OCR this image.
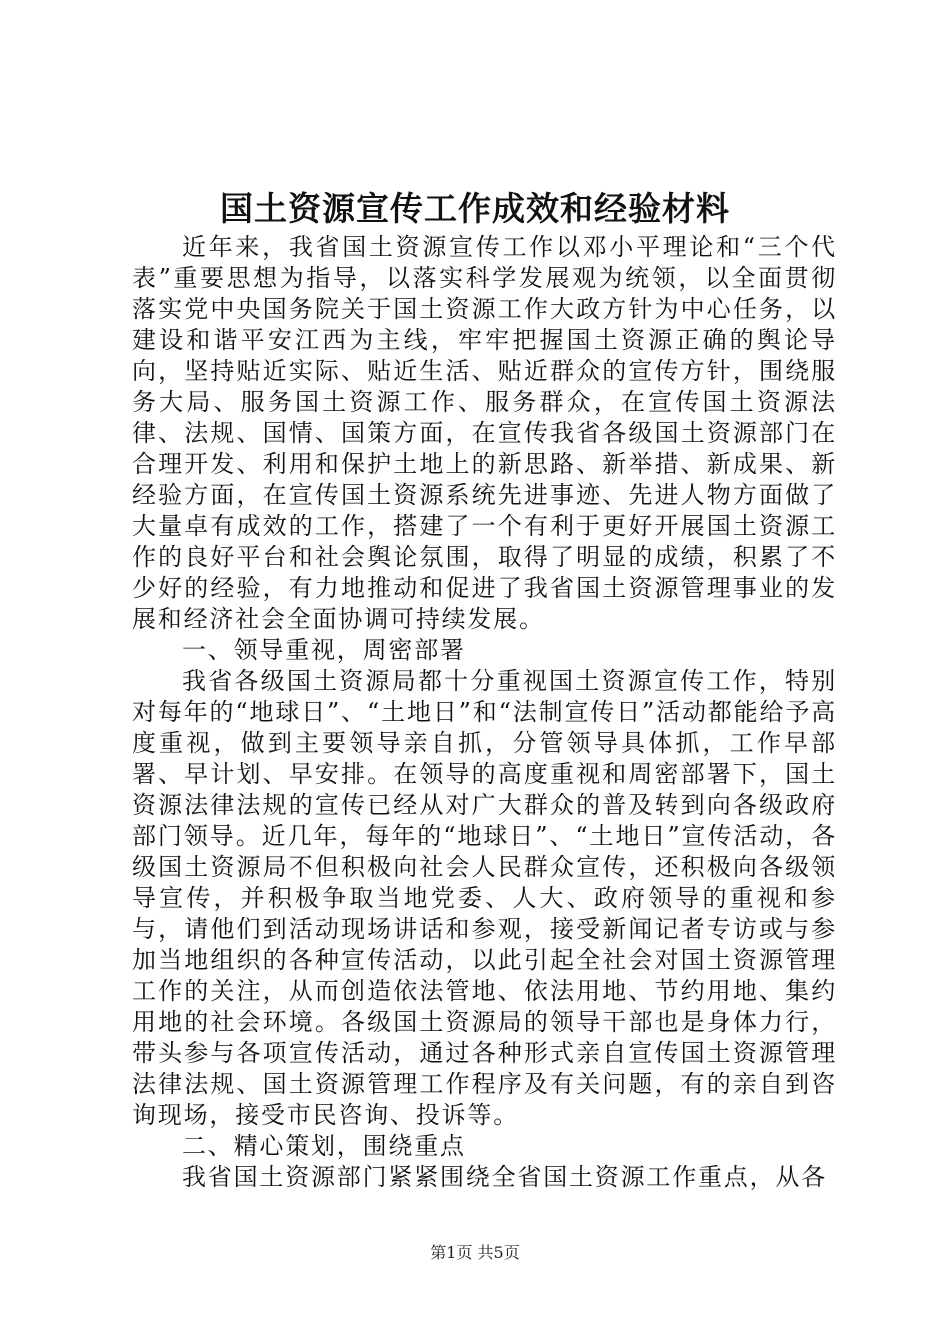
国土资源宣传工作成效和经验材料

近年来，我省国土资源宣传工作以邓小平理论和“三个代表”重要思想为指导，以落实科学发展观为统领，以全面贯彻落实党中央国务院关于国土资源工作大政方针为中心任务，以建设和谐平安江西为主线，牢牢把握国土资源正确的舆论导向，坚持贴近实际、贴近生活、贴近群众的宣传方针，围绕服务大局、服务国土资源工作、服务群众，在宣传国土资源法律、法规、国情、国策方面，在宣传我省各级国土资源部门在合理开发、利用和保护土地上的新思路、新举措、新成果、新经验方面，在宣传国土资源系统先进事迹、先进人物方面做了大量卓有成效的工作，搭建了一个有利于更好开展国土资源工作的良好平台和社会舆论氛围，取得了明显的成绩，积累了不少好的经验，有力地推动和促进了我省国土资源管理事业的发展和经济社会全面协调可持续发展。

一、领导重视，周密部署

我省各级国土资源局都十分重视国土资源宣传工作，特别对每年的“地球日”、“土地日”和“法制宣传日”活动都能给予高度重视，做到主要领导亲自抓，分管领导具体抓，工作早部署、早计划、早安排。在领导的高度重视和周密部署下，国土资源法律法规的宣传已经从对广大群众的普及转到向各级政府部门领导。近几年，每年的“地球日”、“土地日”宣传活动，各级国土资源局不但积极向社会人民群众宣传，还积极向各级领导宣传，并积极争取当地党委、人大、政府领导的重视和参与，请他们到活动现场讲话和参观，接受新闻记者专访或与参加当地组织的各种宣传活动，以此引起全社会对国土资源管理工作的关注，从而创造依法管地、依法用地、节约用地、集约用地的社会环境。各级国土资源局的领导干部也是身体力行，带头参与各项宣传活动，通过各种形式亲自宣传国土资源管理法律法规、国土资源管理工作程序及有关问题，有的亲自到咨询现场，接受市民咨询、投诉等。

二、精心策划，围绕重点

我省国土资源部门紧紧围绕全省国土资源工作重点，从各

第1页 共5页
